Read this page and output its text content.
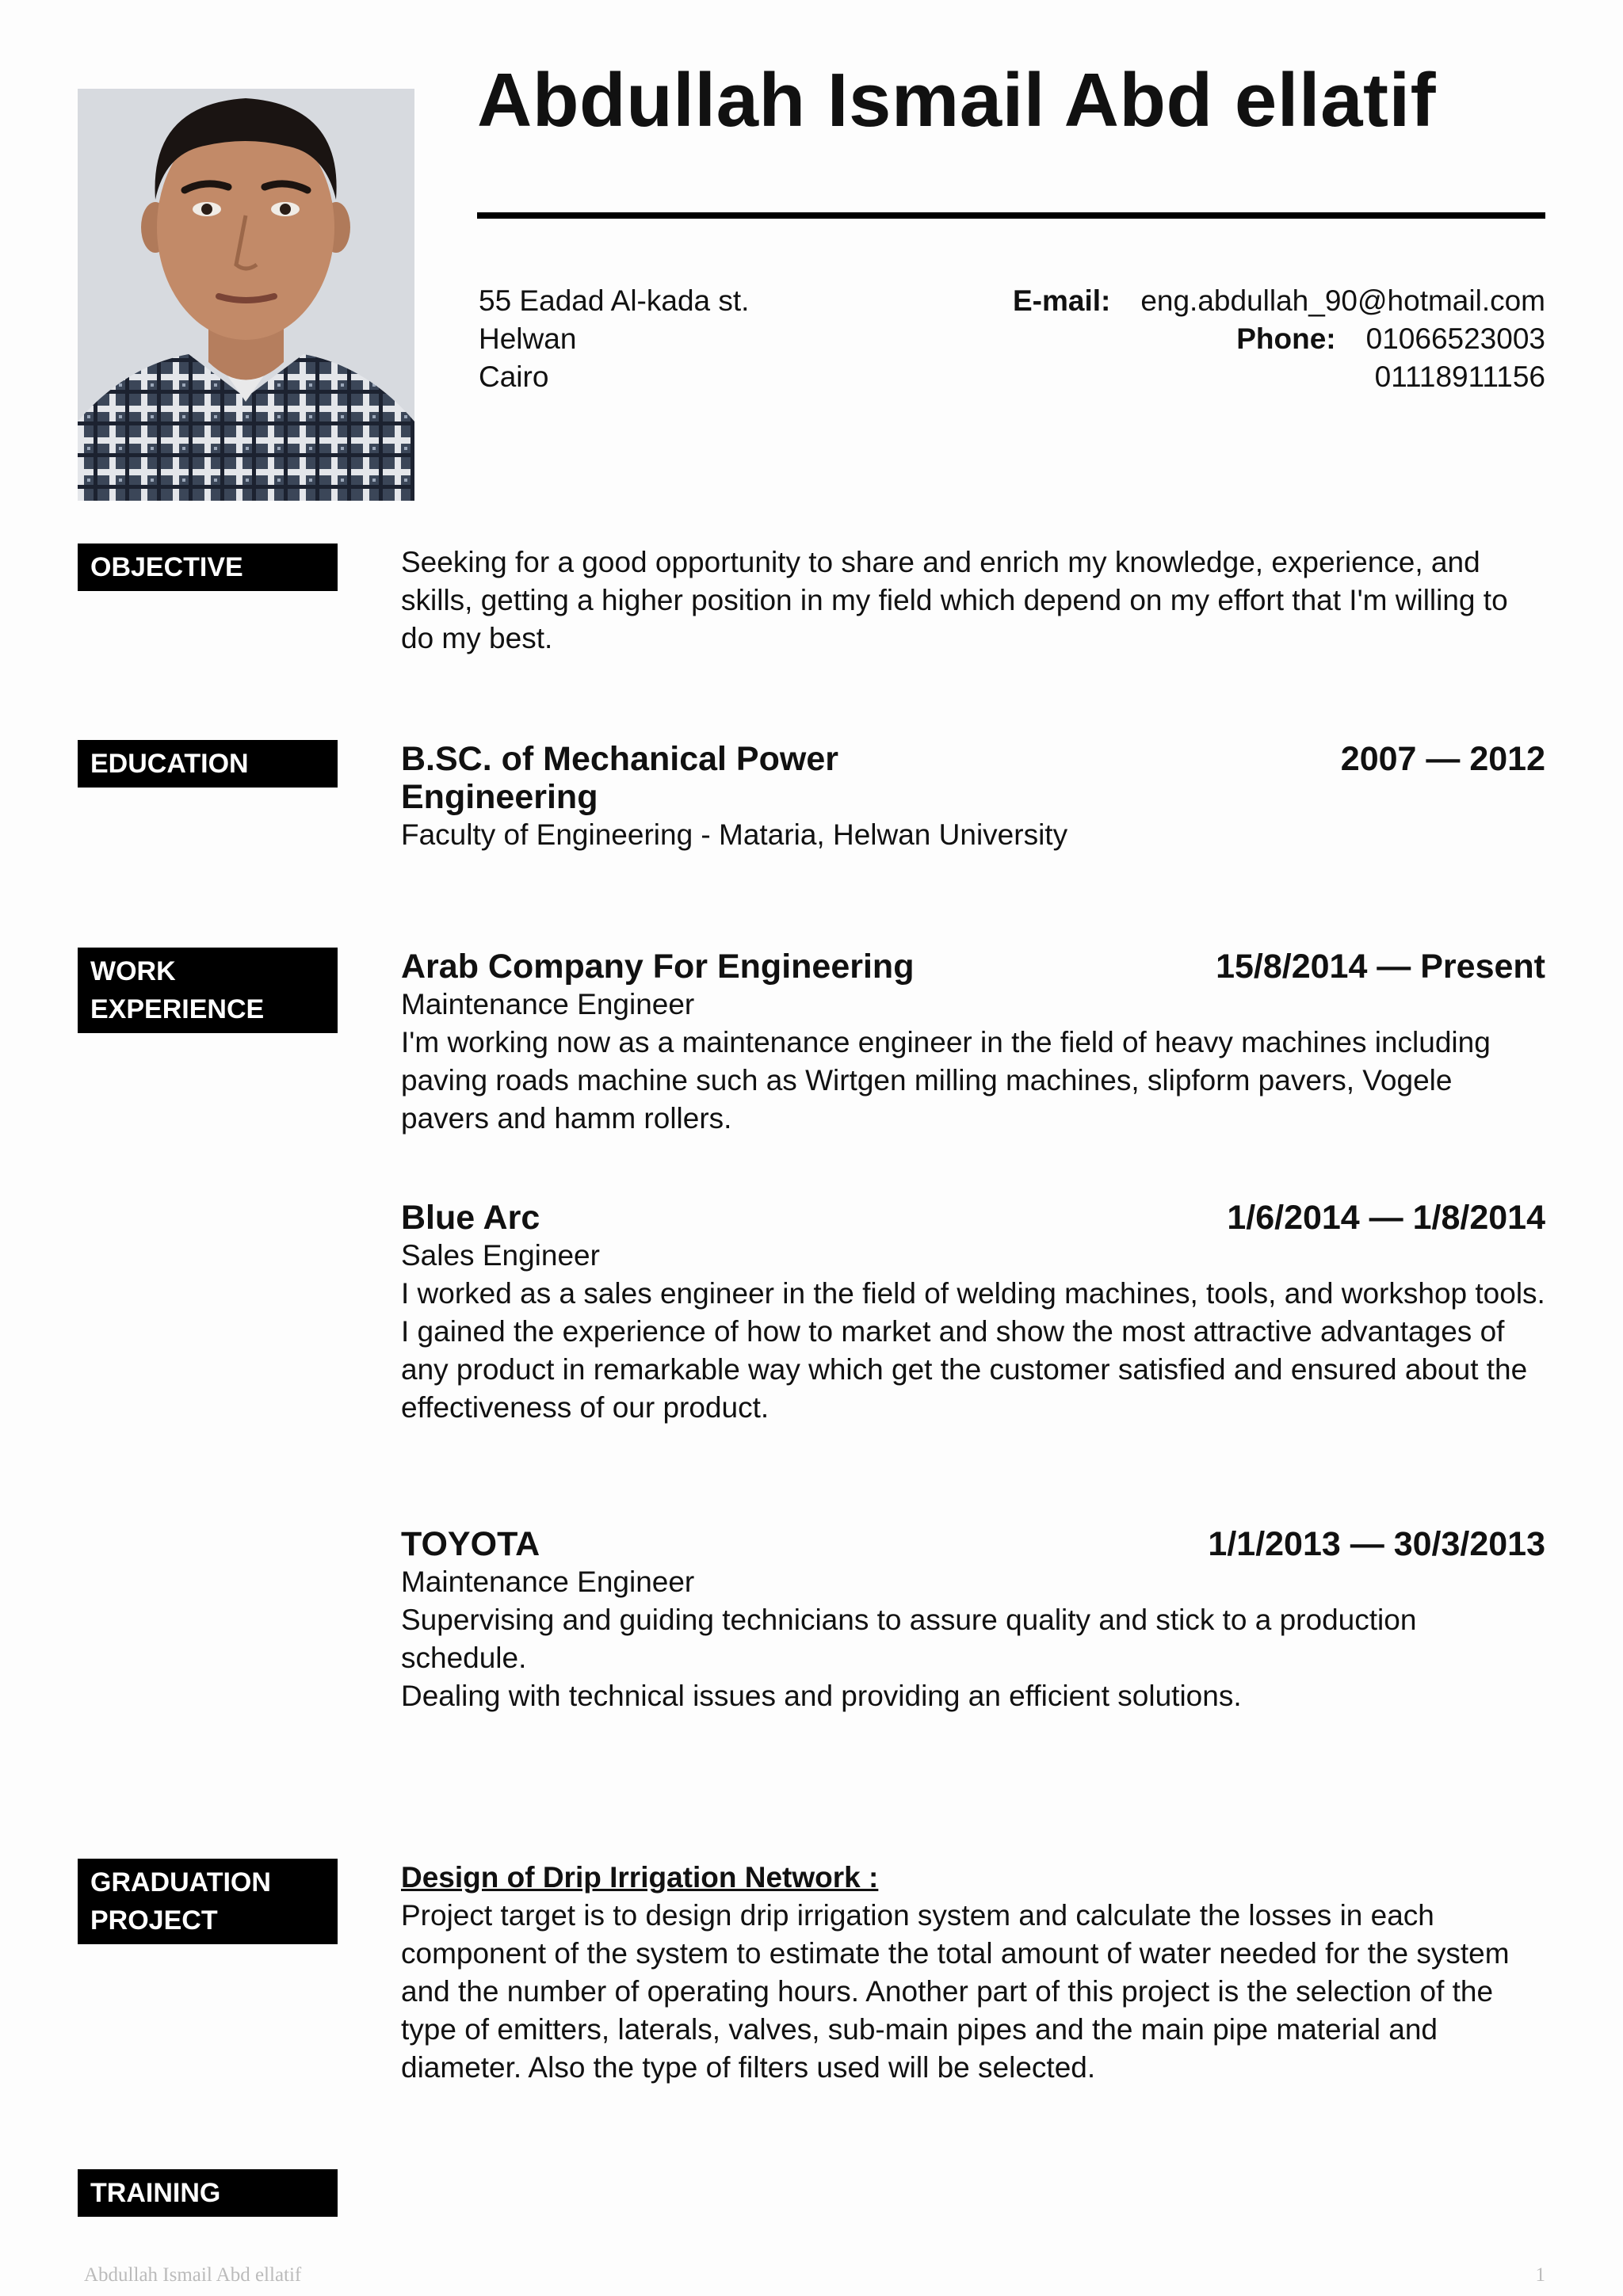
Abdullah Ismail Abd ellatif
55 Eadad Al-kada st.
Helwan
Cairo
E-mail: eng.abdullah_90@hotmail.com
Phone: 01066523003
01118911156
OBJECTIVE	Seeking for a good opportunity to share and enrich my knowledge, experience, and skills, getting a higher position in my field which depend on my effort that I'm willing to do my best.

EDUCATION	B.SC. of Mechanical Power Engineering
2007 — 2012

Faculty of Engineering - Mataria, Helwan University

WORK
EXPERIENCE
Arab Company For Engineering	15/8/2014 — Present

Maintenance Engineer

I'm working now as a maintenance engineer in the field of heavy machines including paving roads machine such as Wirtgen milling machines, slipform pavers, Vogele pavers and hamm rollers.

Blue Arc	1/6/2014 — 1/8/2014

Sales Engineer

I worked as a sales engineer in the field of welding machines, tools, and workshop tools.

I gained the experience of how to market and show the most attractive advantages of any product in remarkable way which get the customer satisfied and ensured about the effectiveness of our product.

TOYOTA	1/1/2013 — 30/3/2013

Maintenance Engineer

Supervising and guiding technicians to assure quality and stick to a production schedule.

Dealing with technical issues and providing an efficient solutions.

GRADUATION
PROJECT

Design of Drip Irrigation Network :

Project target is to design drip irrigation system and calculate the losses in each component of the system to estimate the total amount of water needed for the system and the number of operating hours. Another part of this project is the selection of the type of emitters, laterals, valves, sub-main pipes and the main pipe material and diameter. Also the type of filters used will be selected.

TRAINING
Abdullah Ismail Abd ellatif	1
